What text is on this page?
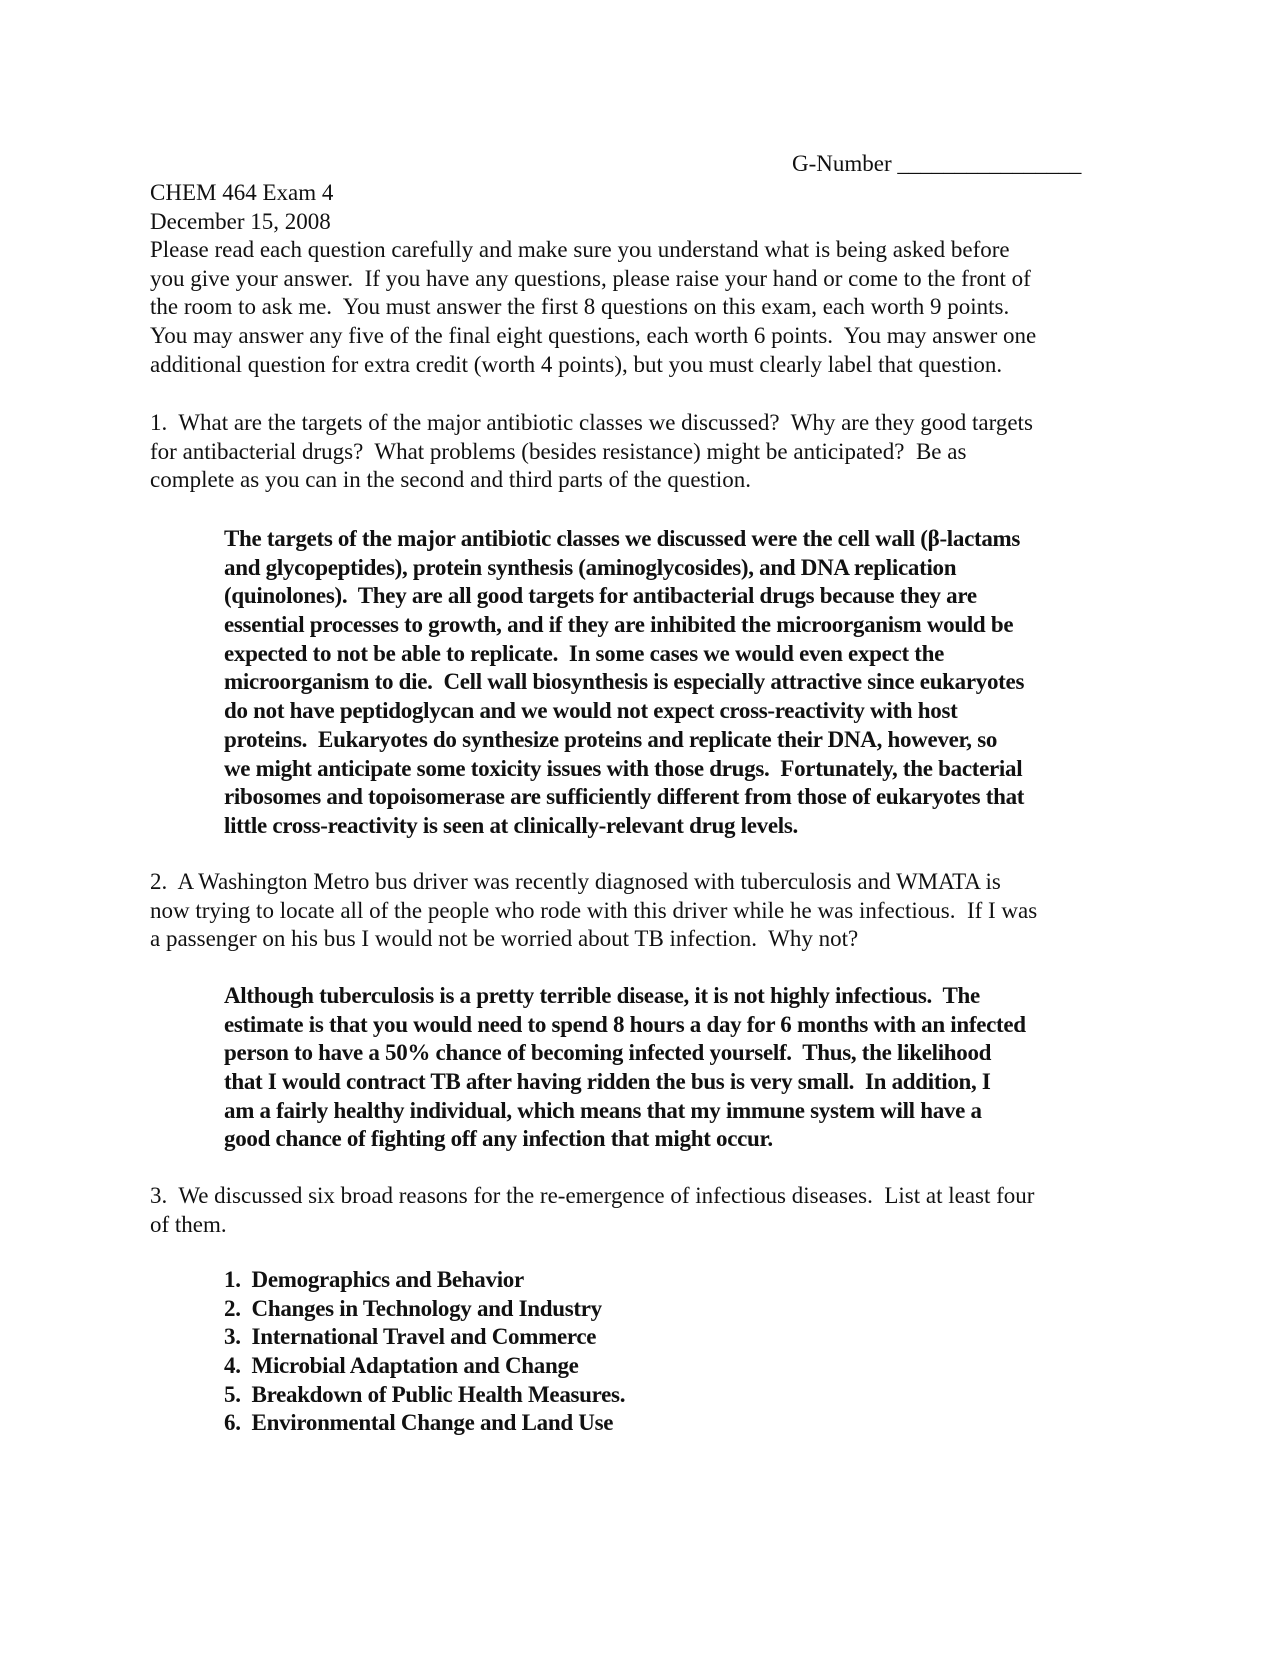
G-Number ________________
CHEM 464 Exam 4
December 15, 2008
Please read each question carefully and make sure you understand what is being asked before
you give your answer.  If you have any questions, please raise your hand or come to the front of
the room to ask me.  You must answer the first 8 questions on this exam, each worth 9 points.
You may answer any five of the final eight questions, each worth 6 points.  You may answer one
additional question for extra credit (worth 4 points), but you must clearly label that question.
1.  What are the targets of the major antibiotic classes we discussed?  Why are they good targets
for antibacterial drugs?  What problems (besides resistance) might be anticipated?  Be as
complete as you can in the second and third parts of the question.
The targets of the major antibiotic classes we discussed were the cell wall (β-lactams
and glycopeptides), protein synthesis (aminoglycosides), and DNA replication
(quinolones).  They are all good targets for antibacterial drugs because they are
essential processes to growth, and if they are inhibited the microorganism would be
expected to not be able to replicate.  In some cases we would even expect the
microorganism to die.  Cell wall biosynthesis is especially attractive since eukaryotes
do not have peptidoglycan and we would not expect cross-reactivity with host
proteins.  Eukaryotes do synthesize proteins and replicate their DNA, however, so
we might anticipate some toxicity issues with those drugs.  Fortunately, the bacterial
ribosomes and topoisomerase are sufficiently different from those of eukaryotes that
little cross-reactivity is seen at clinically-relevant drug levels.
2.  A Washington Metro bus driver was recently diagnosed with tuberculosis and WMATA is
now trying to locate all of the people who rode with this driver while he was infectious.  If I was
a passenger on his bus I would not be worried about TB infection.  Why not?
Although tuberculosis is a pretty terrible disease, it is not highly infectious.  The
estimate is that you would need to spend 8 hours a day for 6 months with an infected
person to have a 50% chance of becoming infected yourself.  Thus, the likelihood
that I would contract TB after having ridden the bus is very small.  In addition, I
am a fairly healthy individual, which means that my immune system will have a
good chance of fighting off any infection that might occur.
3.  We discussed six broad reasons for the re-emergence of infectious diseases.  List at least four
of them.
1.  Demographics and Behavior
2.  Changes in Technology and Industry
3.  International Travel and Commerce
4.  Microbial Adaptation and Change
5.  Breakdown of Public Health Measures.
6.  Environmental Change and Land Use
